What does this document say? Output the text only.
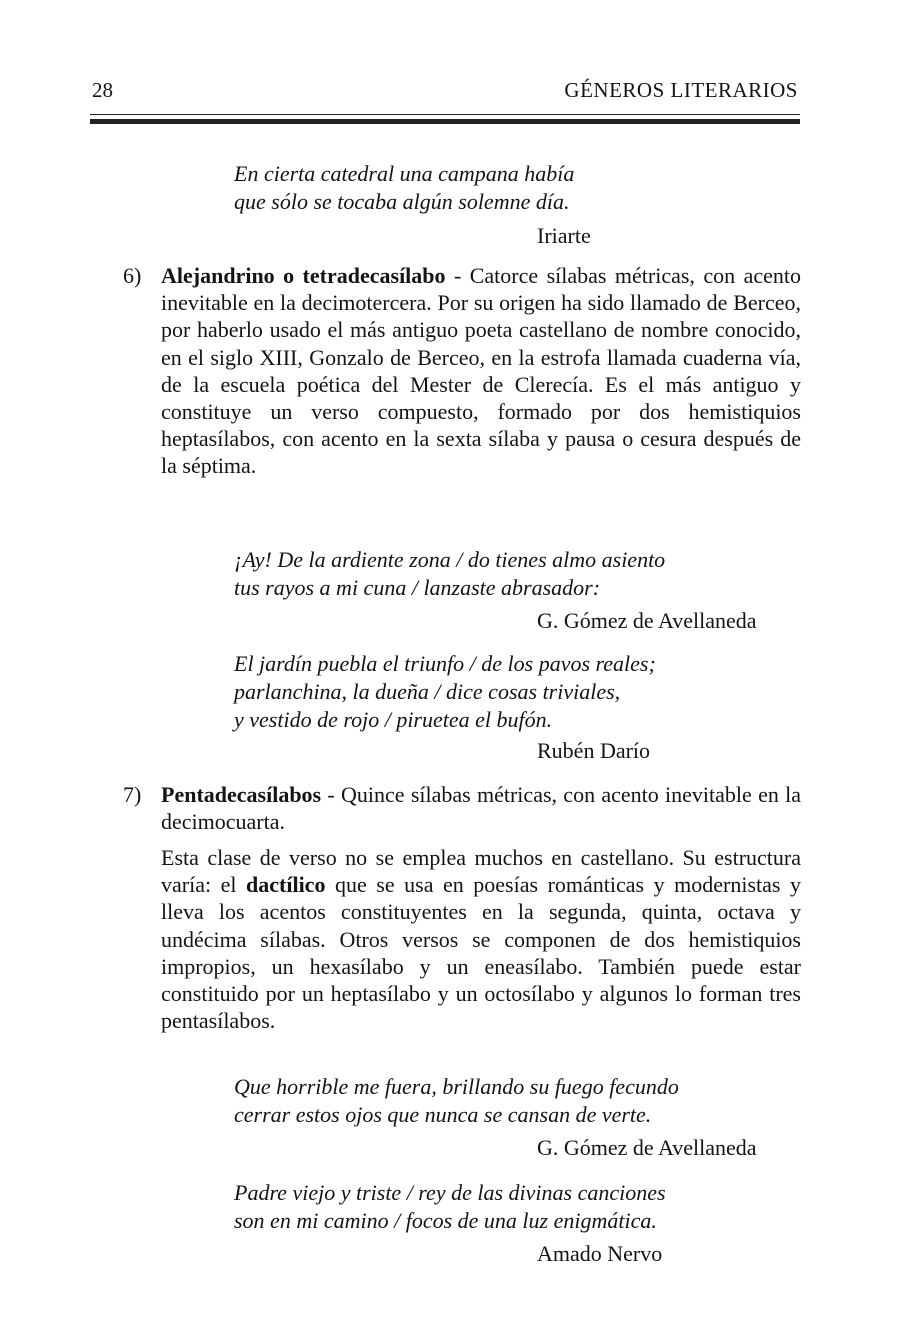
28	GÉNEROS LITERARIOS
En cierta catedral una campana había
que sólo se tocaba algún solemne día.
Iriarte
6) Alejandrino o tetradecasílabo - Catorce sílabas métricas, con acento inevitable en la decimotercera. Por su origen ha sido llamado de Berceo, por haberlo usado el más antiguo poeta castellano de nombre conocido, en el siglo XIII, Gonzalo de Berceo, en la estrofa llamada cuaderna vía, de la escuela poética del Mester de Clerecía. Es el más antiguo y constituye un verso compuesto, formado por dos hemistiquios heptasílabos, con acento en la sexta sílaba y pausa o cesura después de la séptima.
¡Ay! De la ardiente zona / do tienes almo asiento
tus rayos a mi cuna / lanzaste abrasador:
G. Gómez de Avellaneda
El jardín puebla el triunfo / de los pavos reales;
parlanchina, la dueña / dice cosas triviales,
y vestido de rojo / piruetea el bufón.
Rubén Darío
7) Pentadecasílabos - Quince sílabas métricas, con acento inevitable en la decimocuarta.
Esta clase de verso no se emplea muchos en castellano. Su estructura varía: el dactílico que se usa en poesías románticas y modernistas y lleva los acentos constituyentes en la segunda, quinta, octava y undécima sílabas. Otros versos se componen de dos hemistiquios impropios, un hexasílabo y un eneasílabo. También puede estar constituido por un heptasílabo y un octosílabo y algunos lo forman tres pentasílabos.
Que horrible me fuera, brillando su fuego fecundo
cerrar estos ojos que nunca se cansan de verte.
G. Gómez de Avellaneda
Padre viejo y triste / rey de las divinas canciones
son en mi camino / focos de una luz enigmática.
Amado Nervo
